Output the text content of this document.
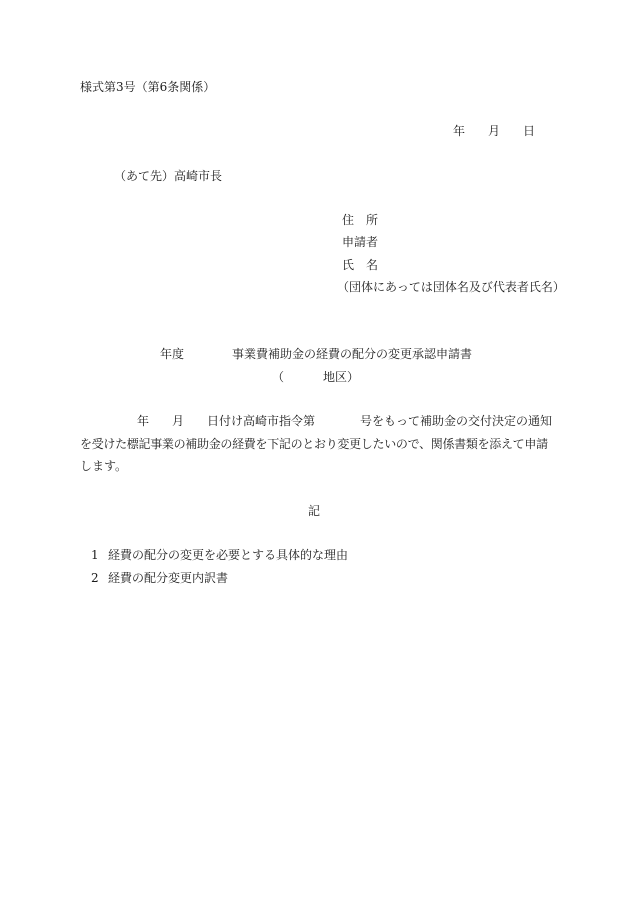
様式第3号（第6条関係）
年 月 日
（あて先）高崎市長
住　所
申請者
氏　名
（団体にあっては団体名及び代表者氏名）
年度	事業費補助金の経費の配分の変更承認申請書
（	地区）
年 月 日付け高崎市指令第	号をもって補助金の交付決定の通知
を受けた標記事業の補助金の経費を下記のとおり変更したいので、関係書類を添えて申請
します。
記
1 経費の配分の変更を必要とする具体的な理由
2 経費の配分変更内訳書
